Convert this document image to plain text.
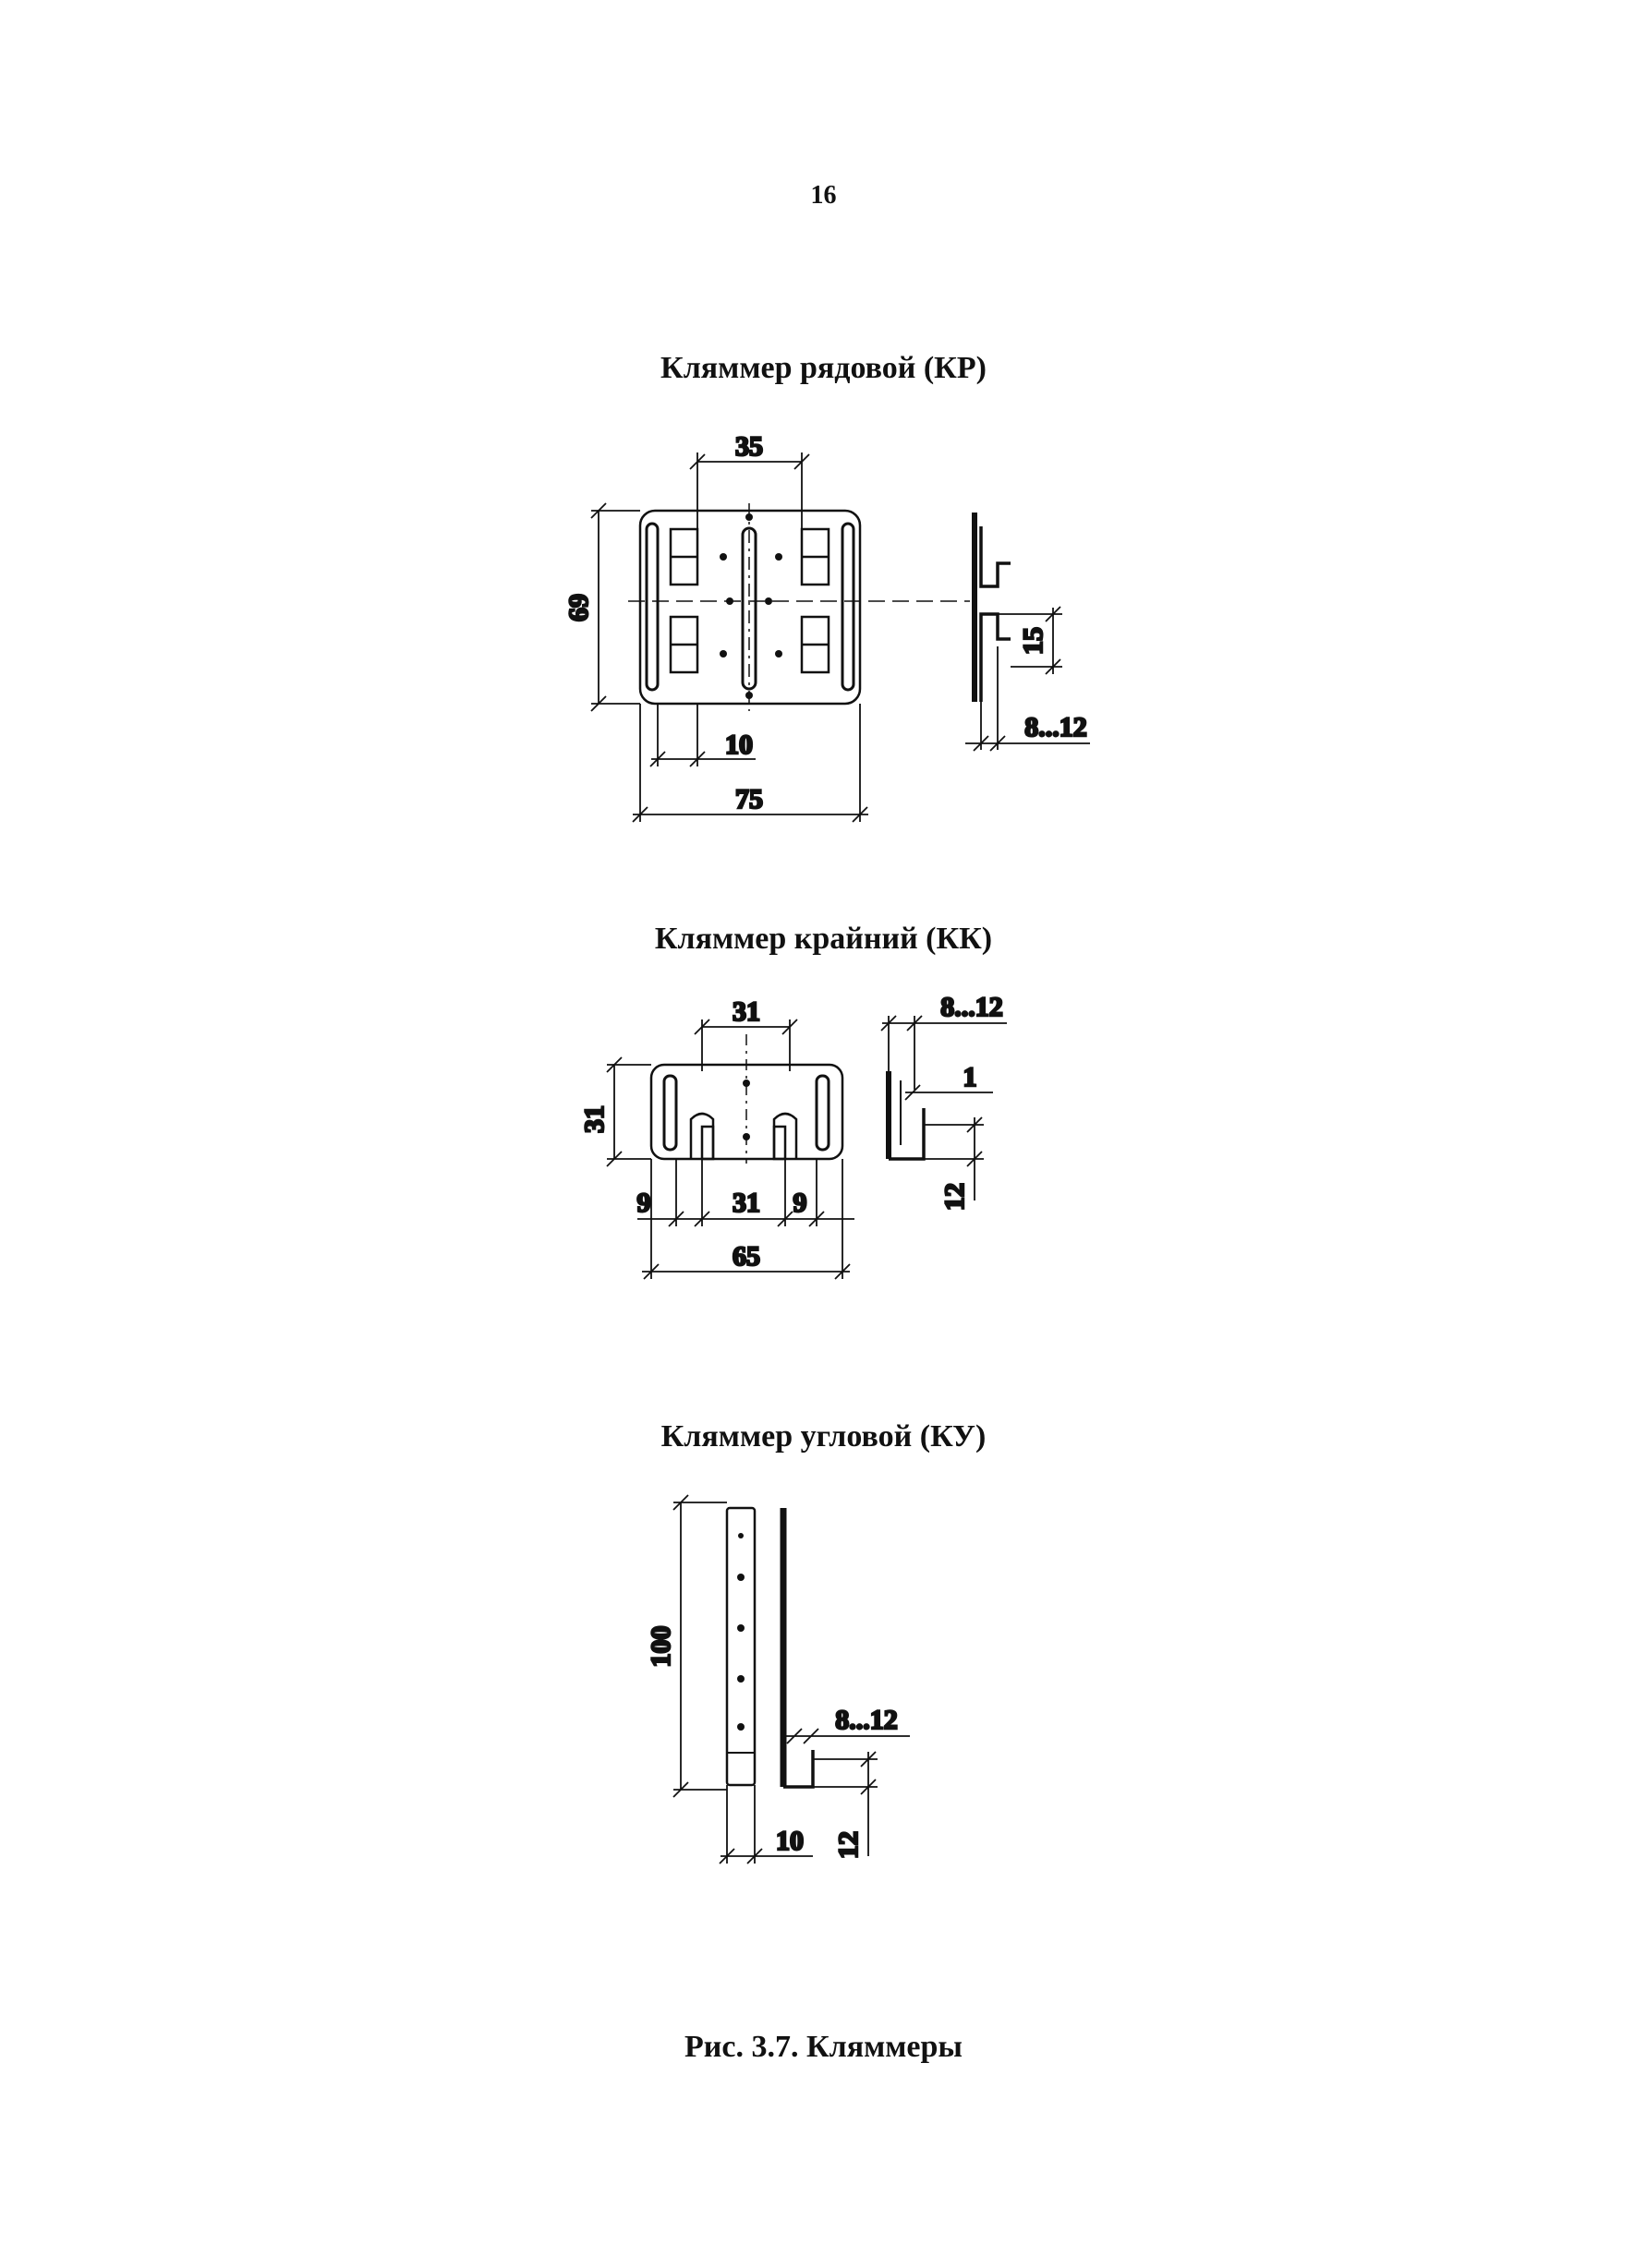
16
Кляммер рядовой (КР)
Кляммер крайний (КК)
Кляммер угловой (КУ)
Рис. 3.7. Кляммеры
35
69
10
75
15
8...12
31
31
9	31 9
65
8...12
1
12
100
10
8...12
12
